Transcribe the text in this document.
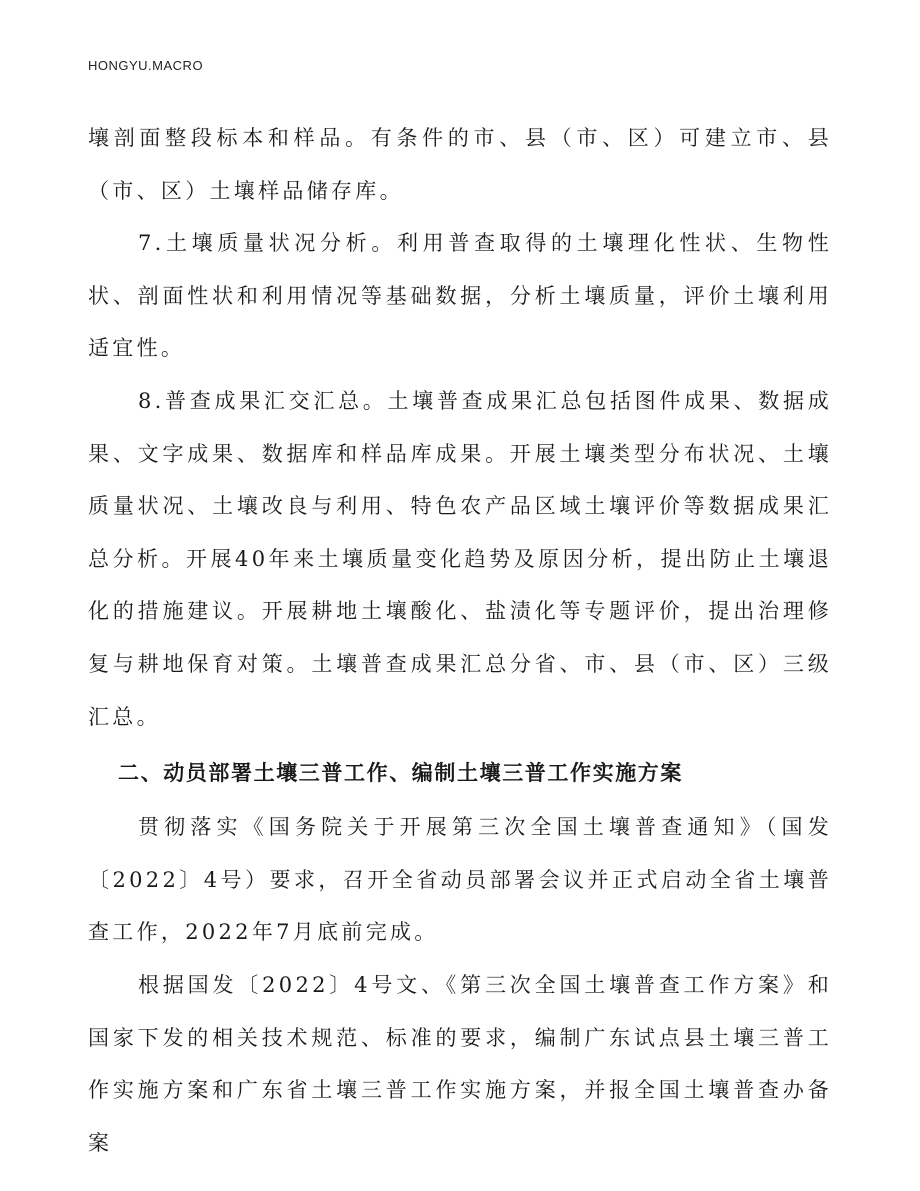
HONGYU.MACRO

壤剖面整段标本和样品。有条件的市、县（市、区）可建立市、县（市、区）土壤样品储存库。

7.土壤质量状况分析。利用普查取得的土壤理化性状、生物性状、剖面性状和利用情况等基础数据，分析土壤质量，评价土壤利用适宜性。

8.普查成果汇交汇总。土壤普查成果汇总包括图件成果、数据成果、文字成果、数据库和样品库成果。开展土壤类型分布状况、土壤质量状况、土壤改良与利用、特色农产品区域土壤评价等数据成果汇总分析。开展40年来土壤质量变化趋势及原因分析，提出防止土壤退化的措施建议。开展耕地土壤酸化、盐渍化等专题评价，提出治理修复与耕地保育对策。土壤普查成果汇总分省、市、县（市、区）三级汇总。

二、动员部署土壤三普工作、编制土壤三普工作实施方案

贯彻落实《国务院关于开展第三次全国土壤普查通知》（国发〔2022〕4号）要求，召开全省动员部署会议并正式启动全省土壤普查工作，2022年7月底前完成。

根据国发〔2022〕4号文、《第三次全国土壤普查工作方案》和国家下发的相关技术规范、标准的要求，编制广东试点县土壤三普工作实施方案和广东省土壤三普工作实施方案，并报全国土壤普查办备案
